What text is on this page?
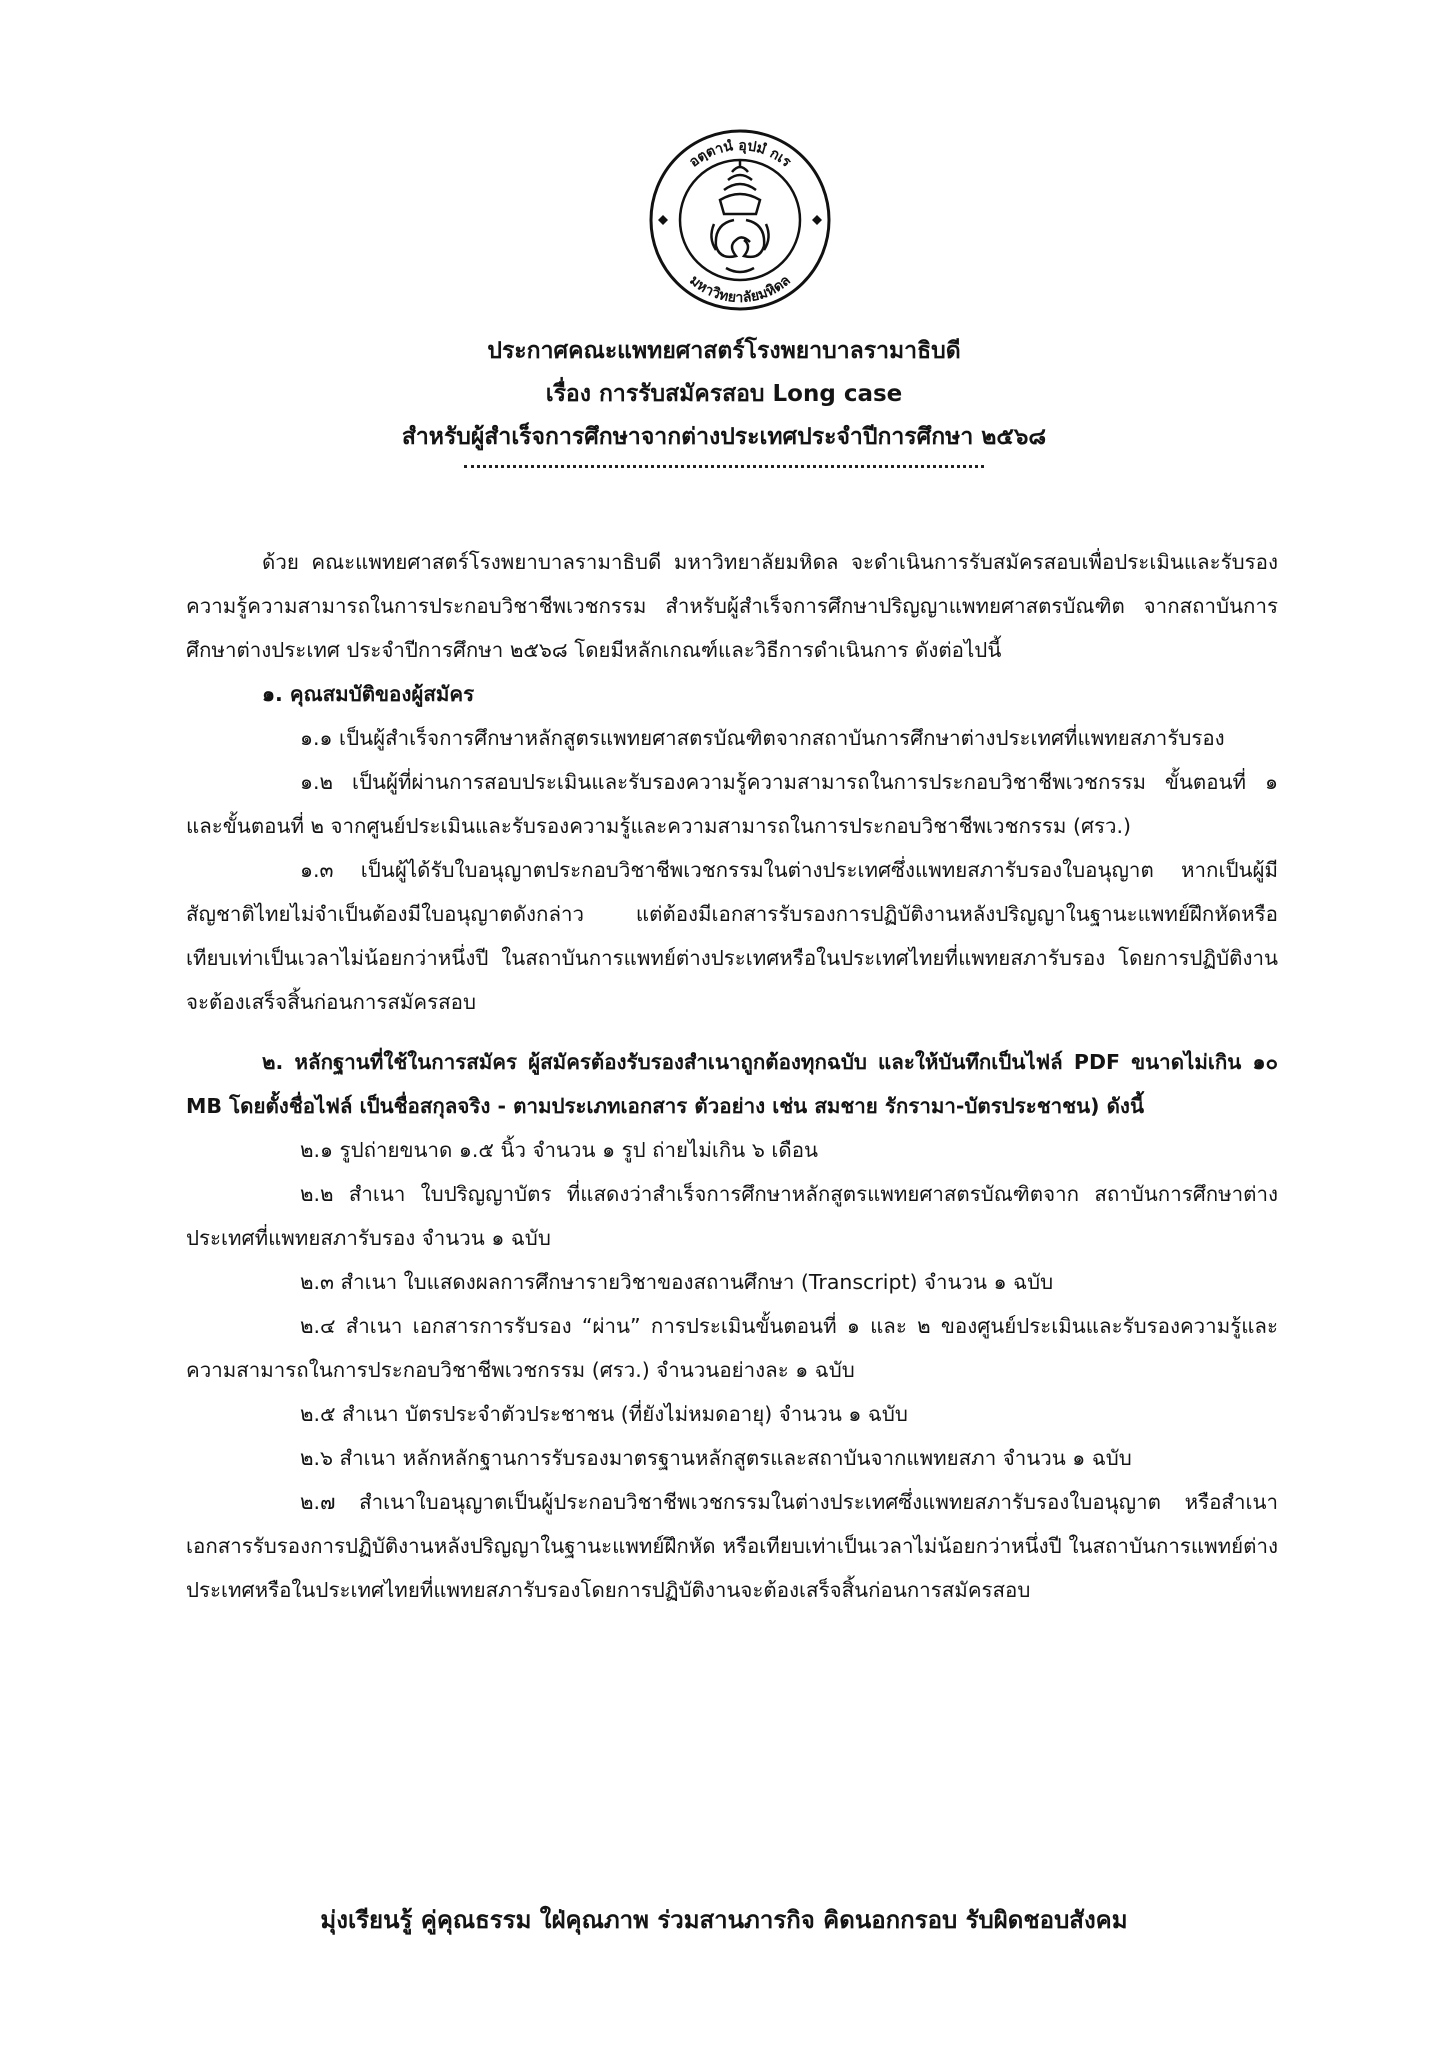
อตฺตานํ อุปมํ กเร
มหาวิทยาลัยมหิดล
ประกาศคณะแพทยศาสตร์โรงพยาบาลรามาธิบดี
เรื่อง การรับสมัครสอบ Long case
สำหรับผู้สำเร็จการศึกษาจากต่างประเทศประจำปีการศึกษา ๒๕๖๘

ด้วย คณะแพทยศาสตร์โรงพยาบาลรามาธิบดี มหาวิทยาลัยมหิดล จะดำเนินการรับสมัครสอบเพื่อประเมินและรับรองความรู้ความสามารถในการประกอบวิชาชีพเวชกรรม สำหรับผู้สำเร็จการศึกษาปริญญาแพทยศาสตรบัณฑิต จากสถาบันการศึกษาต่างประเทศ ประจำปีการศึกษา ๒๕๖๘ โดยมีหลักเกณฑ์และวิธีการดำเนินการ ดังต่อไปนี้

๑. คุณสมบัติของผู้สมัคร

๑.๑ เป็นผู้สำเร็จการศึกษาหลักสูตรแพทยศาสตรบัณฑิตจากสถาบันการศึกษาต่างประเทศที่แพทยสภารับรอง

๑.๒ เป็นผู้ที่ผ่านการสอบประเมินและรับรองความรู้ความสามารถในการประกอบวิชาชีพเวชกรรม ขั้นตอนที่ ๑ และขั้นตอนที่ ๒ จากศูนย์ประเมินและรับรองความรู้และความสามารถในการประกอบวิชาชีพเวชกรรม (ศรว.)

๑.๓ เป็นผู้ได้รับใบอนุญาตประกอบวิชาชีพเวชกรรมในต่างประเทศซึ่งแพทยสภารับรองใบอนุญาต หากเป็นผู้มีสัญชาติไทยไม่จำเป็นต้องมีใบอนุญาตดังกล่าว แต่ต้องมีเอกสารรับรองการปฏิบัติงานหลังปริญญาในฐานะแพทย์ฝึกหัดหรือเทียบเท่าเป็นเวลาไม่น้อยกว่าหนึ่งปี ในสถาบันการแพทย์ต่างประเทศหรือในประเทศไทยที่แพทยสภารับรอง โดยการปฏิบัติงานจะต้องเสร็จสิ้นก่อนการสมัครสอบ

๒. หลักฐานที่ใช้ในการสมัคร ผู้สมัครต้องรับรองสำเนาถูกต้องทุกฉบับ และให้บันทึกเป็นไฟล์ PDF ขนาดไม่เกิน ๑๐ MB โดยตั้งชื่อไฟล์ เป็นชื่อสกุลจริง - ตามประเภทเอกสาร ตัวอย่าง เช่น สมชาย รักรามา-บัตรประชาชน) ดังนี้

๒.๑ รูปถ่ายขนาด ๑.๕ นิ้ว จำนวน ๑ รูป ถ่ายไม่เกิน ๖ เดือน

๒.๒ สำเนา ใบปริญญาบัตร ที่แสดงว่าสำเร็จการศึกษาหลักสูตรแพทยศาสตรบัณฑิตจาก สถาบันการศึกษาต่างประเทศที่แพทยสภารับรอง จำนวน ๑ ฉบับ

๒.๓ สำเนา ใบแสดงผลการศึกษารายวิชาของสถานศึกษา (Transcript) จำนวน ๑ ฉบับ

๒.๔ สำเนา เอกสารการรับรอง “ผ่าน” การประเมินขั้นตอนที่ ๑ และ ๒ ของศูนย์ประเมินและรับรองความรู้และความสามารถในการประกอบวิชาชีพเวชกรรม (ศรว.) จำนวนอย่างละ ๑ ฉบับ

๒.๕ สำเนา บัตรประจำตัวประชาชน (ที่ยังไม่หมดอายุ) จำนวน ๑ ฉบับ

๒.๖ สำเนา หลักหลักฐานการรับรองมาตรฐานหลักสูตรและสถาบันจากแพทยสภา จำนวน ๑ ฉบับ

๒.๗ สำเนาใบอนุญาตเป็นผู้ประกอบวิชาชีพเวชกรรมในต่างประเทศซึ่งแพทยสภารับรองใบอนุญาต หรือสำเนาเอกสารรับรองการปฏิบัติงานหลังปริญญาในฐานะแพทย์ฝึกหัด หรือเทียบเท่าเป็นเวลาไม่น้อยกว่าหนึ่งปี ในสถาบันการแพทย์ต่างประเทศหรือในประเทศไทยที่แพทยสภารับรองโดยการปฏิบัติงานจะต้องเสร็จสิ้นก่อนการสมัครสอบ

มุ่งเรียนรู้ คู่คุณธรรม ใฝ่คุณภาพ ร่วมสานภารกิจ คิดนอกกรอบ รับผิดชอบสังคม
